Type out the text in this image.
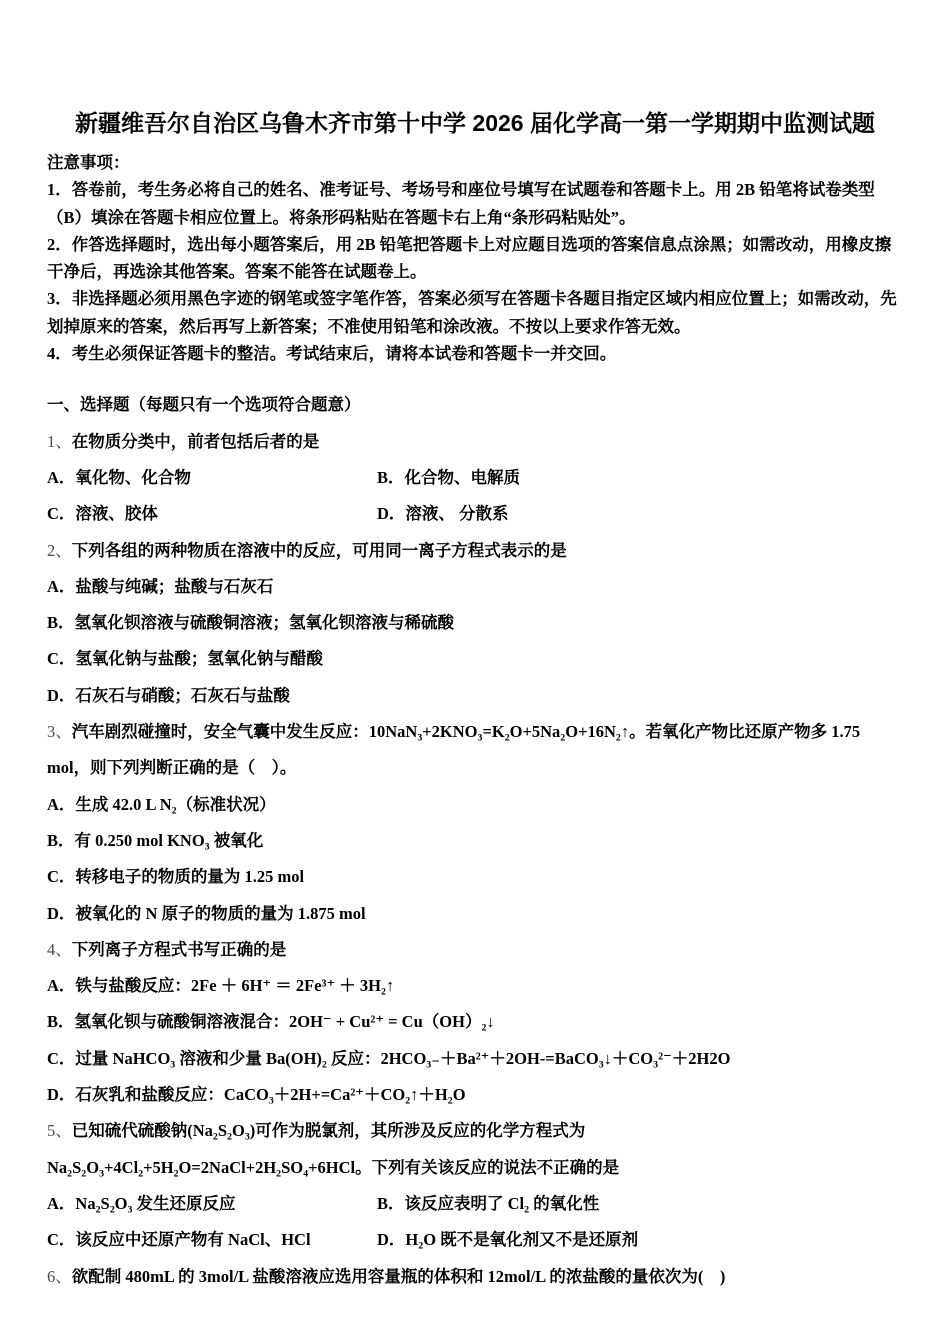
新疆维吾尔自治区乌鲁木齐市第十中学 2026 届化学高一第一学期期中监测试题

注意事项：

1．答卷前，考生务必将自己的姓名、准考证号、考场号和座位号填写在试题卷和答题卡上。用 2B 铅笔将试卷类型（B）填涂在答题卡相应位置上。将条形码粘贴在答题卡右上角“条形码粘贴处”。

2．作答选择题时，选出每小题答案后，用 2B 铅笔把答题卡上对应题目选项的答案信息点涂黑；如需改动，用橡皮擦干净后，再选涂其他答案。答案不能答在试题卷上。

3．非选择题必须用黑色字迹的钢笔或签字笔作答，答案必须写在答题卡各题目指定区域内相应位置上；如需改动，先划掉原来的答案，然后再写上新答案；不准使用铅笔和涂改液。不按以上要求作答无效。

4．考生必须保证答题卡的整洁。考试结束后，请将本试卷和答题卡一并交回。

一、选择题（每题只有一个选项符合题意）

1、在物质分类中，前者包括后者的是

A．氧化物、化合物	B．化合物、电解质
C．溶液、胶体	D．溶液、 分散系

2、下列各组的两种物质在溶液中的反应，可用同一离子方程式表示的是

A．盐酸与纯碱；盐酸与石灰石

B．氢氧化钡溶液与硫酸铜溶液；氢氧化钡溶液与稀硫酸

C．氢氧化钠与盐酸；氢氧化钠与醋酸

D．石灰石与硝酸；石灰石与盐酸

3、汽车剧烈碰撞时，安全气囊中发生反应：10NaN₃+2KNO₃=K₂O+5Na₂O+16N₂↑。若氧化产物比还原产物多 1.75 mol，则下列判断正确的是（　）。

A．生成 42.0 L N₂（标准状况）

B．有 0.250 mol KNO₃ 被氧化

C．转移电子的物质的量为 1.25 mol

D．被氧化的 N 原子的物质的量为 1.875 mol

4、下列离子方程式书写正确的是

A．铁与盐酸反应：2Fe ＋ 6H⁺ ＝ 2Fe³⁺ ＋ 3H₂↑

B．氢氧化钡与硫酸铜溶液混合：2OH⁻ + Cu²⁺ = Cu（OH）₂↓

C．过量 NaHCO₃ 溶液和少量 Ba(OH)₂ 反应：2HCO₃₋＋Ba²⁺＋2OH-=BaCO₃↓＋CO₃²⁻＋2H2O

D．石灰乳和盐酸反应：CaCO₃＋2H+=Ca²⁺＋CO₂↑＋H₂O

5、已知硫代硫酸钠(Na₂S₂O₃)可作为脱氯剂，其所涉及反应的化学方程式为

Na₂S₂O₃+4Cl₂+5H₂O=2NaCl+2H₂SO₄+6HCl。下列有关该反应的说法不正确的是

A．Na₂S₂O₃ 发生还原反应	B．该反应表明了 Cl₂ 的氧化性
C．该反应中还原产物有 NaCl、HCl	D．H₂O 既不是氧化剂又不是还原剂

6、欲配制 480mL 的 3mol/L 盐酸溶液应选用容量瓶的体积和 12mol/L 的浓盐酸的量依次为(　)
